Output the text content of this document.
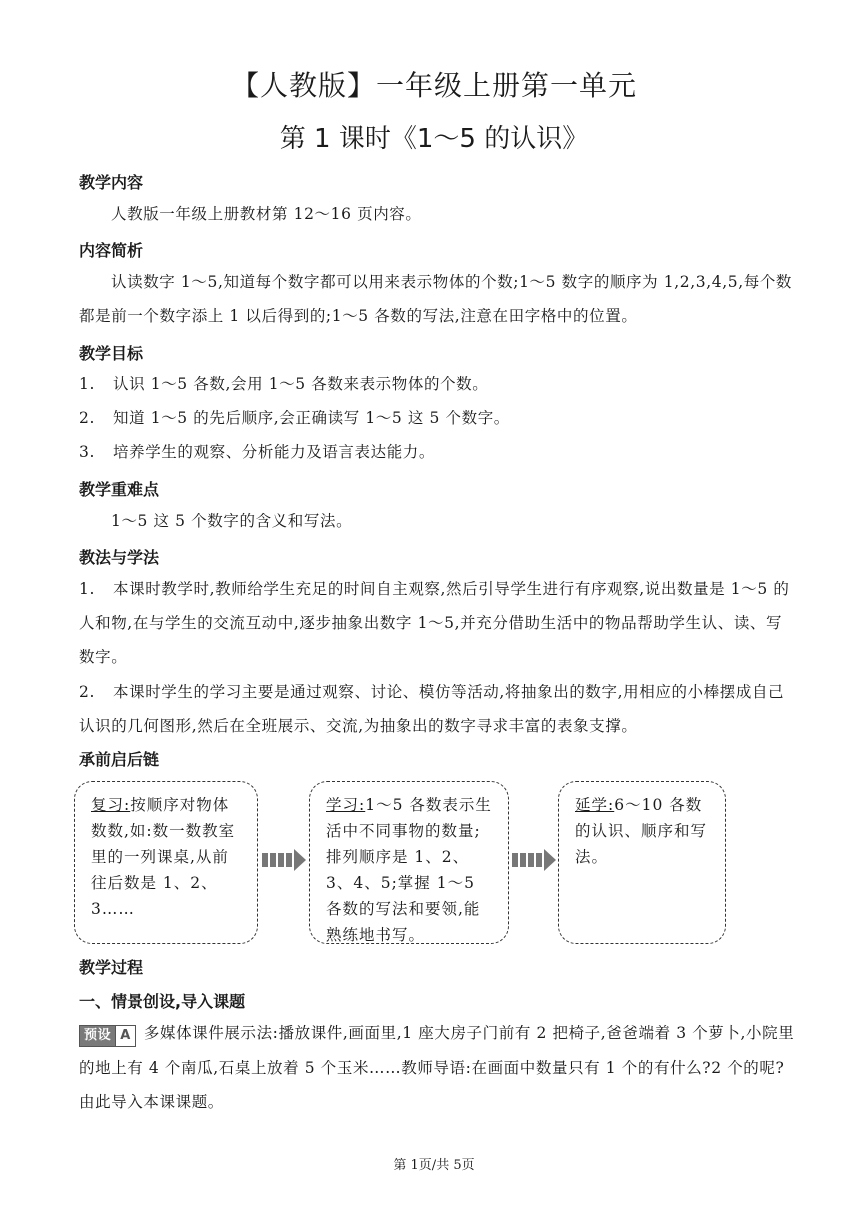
【人教版】一年级上册第一单元
第 1 课时《1～5 的认识》
教学内容
人教版一年级上册教材第 12～16 页内容。
内容简析
认读数字 1～5,知道每个数字都可以用来表示物体的个数;1～5 数字的顺序为 1,2,3,4,5,每个数都是前一个数字添上 1 以后得到的;1～5 各数的写法,注意在田字格中的位置。
教学目标
1. 认识 1～5 各数,会用 1～5 各数来表示物体的个数。
2. 知道 1～5 的先后顺序,会正确读写 1～5 这 5 个数字。
3. 培养学生的观察、分析能力及语言表达能力。
教学重难点
1～5 这 5 个数字的含义和写法。
教法与学法
1. 本课时教学时,教师给学生充足的时间自主观察,然后引导学生进行有序观察,说出数量是 1～5 的人和物,在与学生的交流互动中,逐步抽象出数字 1～5,并充分借助生活中的物品帮助学生认、读、写数字。
2. 本课时学生的学习主要是通过观察、讨论、模仿等活动,将抽象出的数字,用相应的小棒摆成自己认识的几何图形,然后在全班展示、交流,为抽象出的数字寻求丰富的表象支撑。
承前启后链
复习:按顺序对物体数数,如:数一数教室里的一列课桌,从前往后数是 1、2、3……
学习:1～5 各数表示生活中不同事物的数量;排列顺序是 1、2、3、4、5;掌握 1～5 各数的写法和要领,能熟练地书写。
延学:6～10 各数的认识、顺序和写法。
教学过程
一、情景创设,导入课题
预设 A 多媒体课件展示法:播放课件,画面里,1 座大房子门前有 2 把椅子,爸爸端着 3 个萝卜,小院里的地上有 4 个南瓜,石桌上放着 5 个玉米……教师导语:在画面中数量只有 1 个的有什么?2 个的呢?由此导入本课课题。
第 1页/共 5页
